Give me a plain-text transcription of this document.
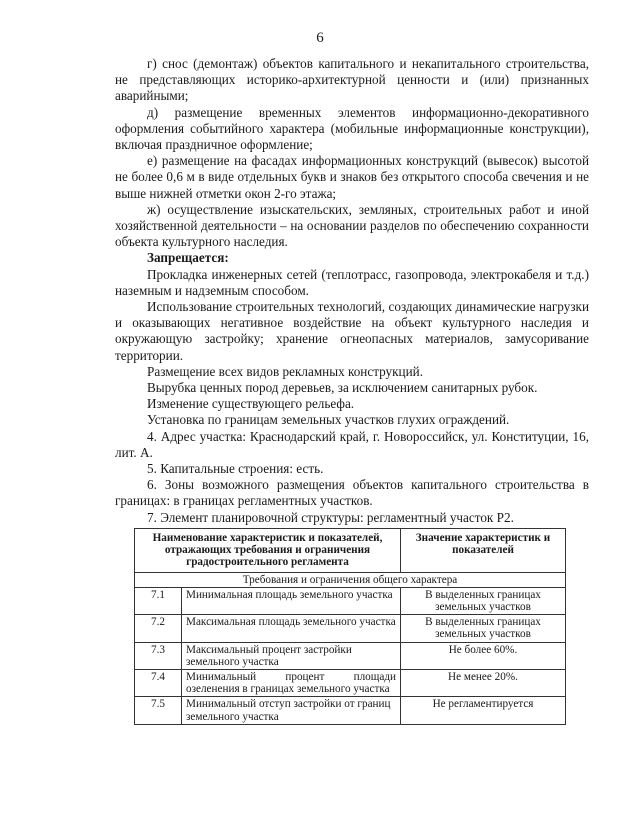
6

г) снос (демонтаж) объектов капитального и некапитального строительства, не представляющих историко-архитектурной ценности и (или) признанных аварийными;

д) размещение временных элементов информационно-декоративного оформления событийного характера (мобильные информационные конструкции), включая праздничное оформление;

е) размещение на фасадах информационных конструкций (вывесок) высотой не более 0,6 м в виде отдельных букв и знаков без открытого способа свечения и не выше нижней отметки окон 2-го этажа;

ж) осуществление изыскательских, земляных, строительных работ и иной хозяйственной деятельности – на основании разделов по обеспечению сохранности объекта культурного наследия.

Запрещается:

Прокладка инженерных сетей (теплотрасс, газопровода, электрокабеля и т.д.) наземным и надземным способом.

Использование строительных технологий, создающих динамические нагрузки и оказывающих негативное воздействие на объект культурного наследия и окружающую застройку; хранение огнеопасных материалов, замусоривание территории.

Размещение всех видов рекламных конструкций.

Вырубка ценных пород деревьев, за исключением санитарных рубок.

Изменение существующего рельефа.

Установка по границам земельных участков глухих ограждений.

4. Адрес участка: Краснодарский край, г. Новороссийск, ул. Конституции, 16, лит. А.

5. Капитальные строения: есть.

6. Зоны возможного размещения объектов капитального строительства в границах: в границах регламентных участков.

7. Элемент планировочной структуры: регламентный участок Р2.

Наименование характеристик и показателей, отражающих требования и ограничения градостроительного регламента		Значение характеристик и показателей
Требования и ограничения общего характера		
7.1	Минимальная площадь земельного участка	В выделенных границах земельных участков
7.2	Максимальная площадь земельного участка	В выделенных границах земельных участков
7.3	Максимальный процент застройки земельного участка	Не более 60%.
7.4	Минимальный процент площади озеленения в границах земельного участка	Не менее 20%.
7.5	Минимальный отступ застройки от границ земельного участка	Не регламентируется
